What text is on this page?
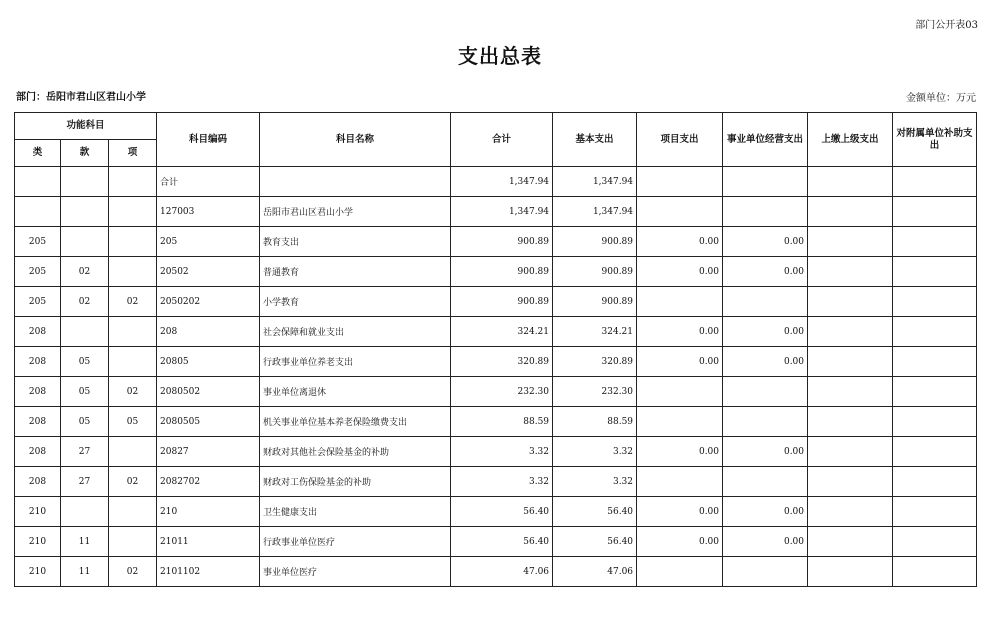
部门公开表03
支出总表
部门：岳阳市君山区君山小学	金额单位：万元
功能科目			科目编码	科目名称	合计	基本支出	项目支出	事业单位经营支出	上缴上级支出	对附属单位补助支出
类	款	项								
			合计		1,347.94	1,347.94				
			127003	岳阳市君山区君山小学	1,347.94	1,347.94				
205			205	教育支出	900.89	900.89	0.00	0.00		
205	02		20502	普通教育	900.89	900.89	0.00	0.00		
205	02	02	2050202	小学教育	900.89	900.89				
208			208	社会保障和就业支出	324.21	324.21	0.00	0.00		
208	05		20805	行政事业单位养老支出	320.89	320.89	0.00	0.00		
208	05	02	2080502	事业单位离退休	232.30	232.30				
208	05	05	2080505	机关事业单位基本养老保险缴费支出	88.59	88.59				
208	27		20827	财政对其他社会保险基金的补助	3.32	3.32	0.00	0.00		
208	27	02	2082702	财政对工伤保险基金的补助	3.32	3.32				
210			210	卫生健康支出	56.40	56.40	0.00	0.00		
210	11		21011	行政事业单位医疗	56.40	56.40	0.00	0.00		
210	11	02	2101102	事业单位医疗	47.06	47.06				
